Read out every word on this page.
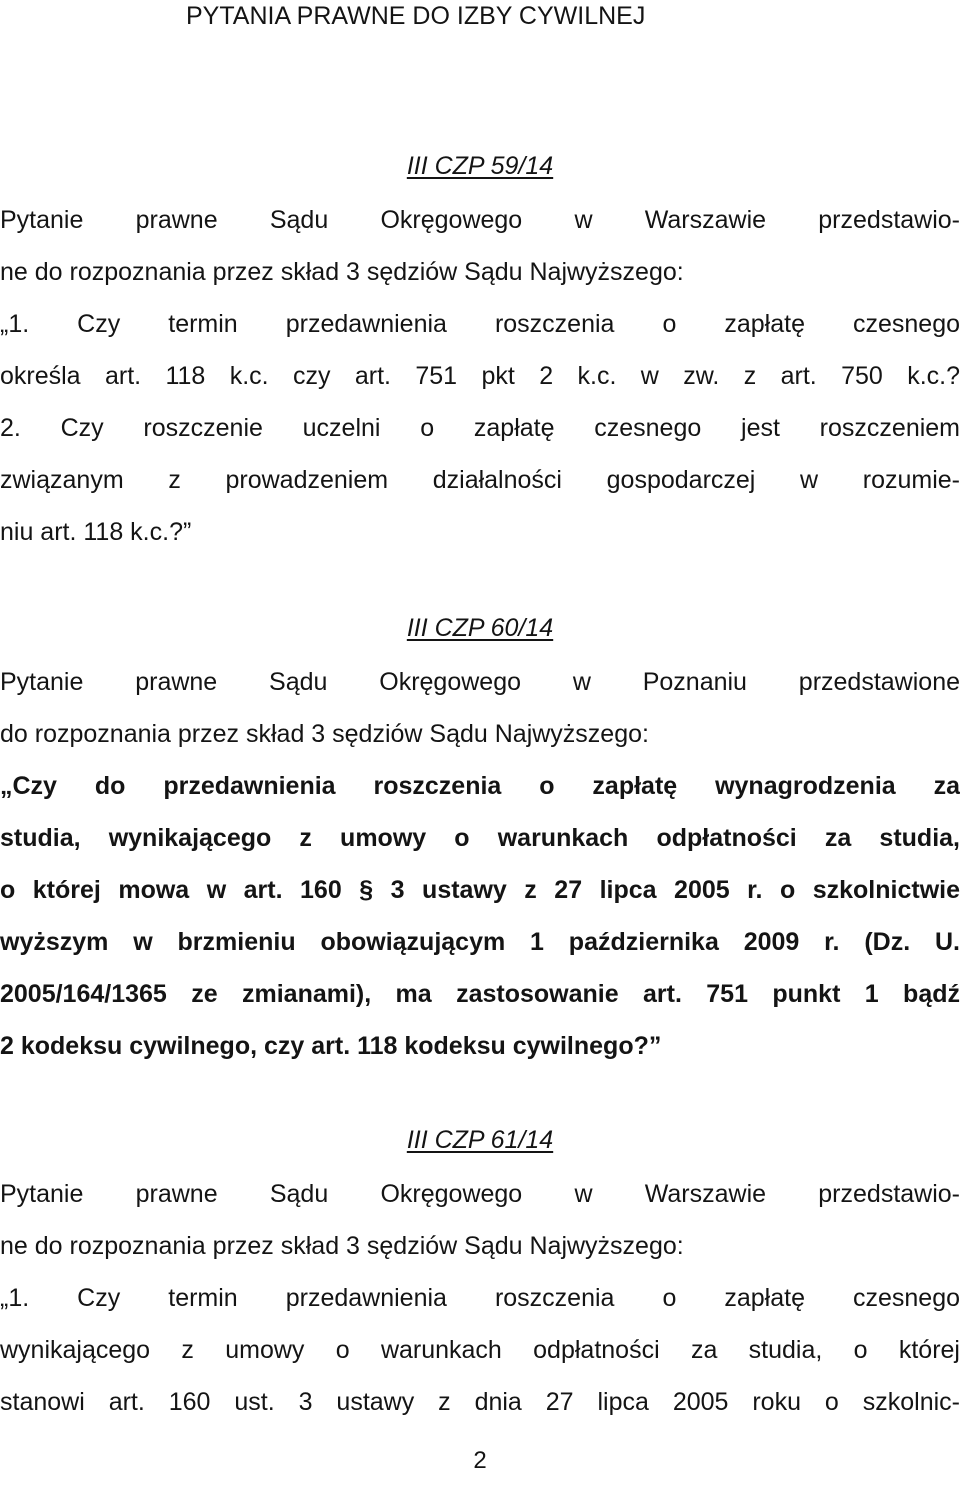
PYTANIA PRAWNE DO IZBY CYWILNEJ
III CZP 59/14
Pytanie prawne Sądu Okręgowego w Warszawie przedstawio-
ne do rozpoznania przez skład 3 sędziów Sądu Najwyższego:
„1. Czy termin przedawnienia roszczenia o zapłatę czesnego
określa art. 118 k.c. czy art. 751 pkt 2 k.c. w zw. z art. 750 k.c.?
2. Czy roszczenie uczelni o zapłatę czesnego jest roszczeniem
związanym z prowadzeniem działalności gospodarczej w rozumie-
niu art. 118 k.c.?”
III CZP 60/14
Pytanie prawne Sądu Okręgowego w Poznaniu przedstawione
do rozpoznania przez skład 3 sędziów Sądu Najwyższego:
„Czy do przedawnienia roszczenia o zapłatę wynagrodzenia za
studia, wynikającego z umowy o warunkach odpłatności za studia,
o której mowa w art. 160 § 3 ustawy z 27 lipca 2005 r. o szkolnictwie
wyższym w brzmieniu obowiązującym 1 października 2009 r. (Dz. U.
2005/164/1365 ze zmianami), ma zastosowanie art. 751 punkt 1 bądź
2 kodeksu cywilnego, czy art. 118 kodeksu cywilnego?”
III CZP 61/14
Pytanie prawne Sądu Okręgowego w Warszawie przedstawio-
ne do rozpoznania przez skład 3 sędziów Sądu Najwyższego:
„1. Czy termin przedawnienia roszczenia o zapłatę czesnego
wynikającego z umowy o warunkach odpłatności za studia, o której
stanowi art. 160 ust. 3 ustawy z dnia 27 lipca 2005 roku o szkolnic-
2
